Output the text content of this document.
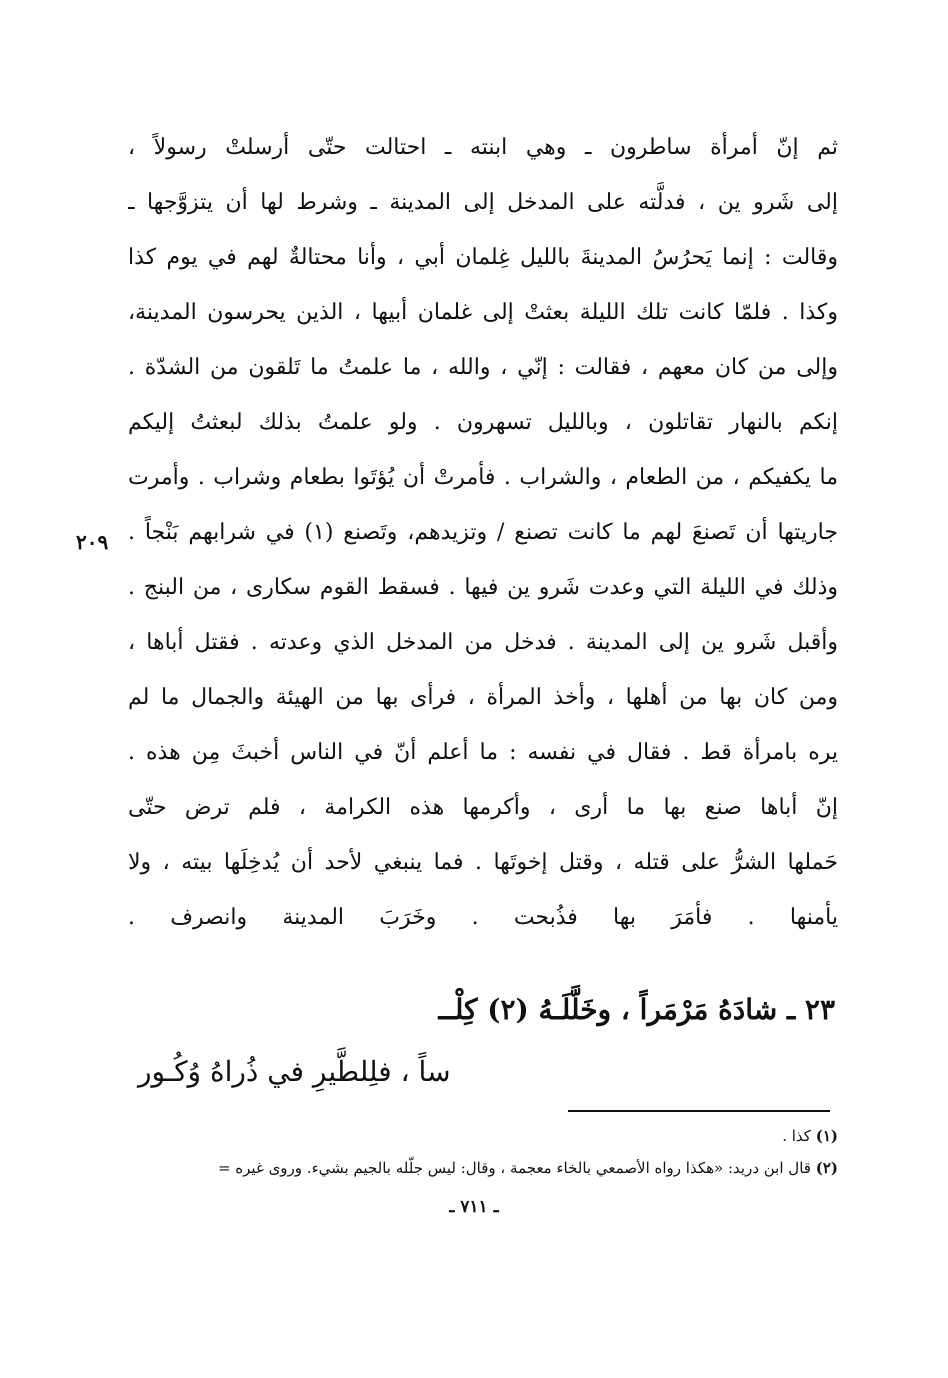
ثم إنّ أمرأة ساطرون ـ وهي ابنته ـ احتالت حتّى أرسلتْ رسولاً ،
إلى شَرو ين ، فدلَّته على المدخل إلى المدينة ـ وشرط لها أن يتزوَّجها ـ
وقالت : إنما يَحرُسُ المدينةَ بالليل غِلمان أبي ، وأنا محتالةٌ لهم في يوم كذا
وكذا . فلمّا كانت تلك الليلة بعثتْ إلى غلمان أبيها ، الذين يحرسون المدينة،
وإلى من كان معهم ، فقالت : إنّي ، والله ، ما علمتُ ما تَلقون من الشدّة .
إنكم بالنهار تقاتلون ، وبالليل تسهرون . ولو علمتُ بذلك لبعثتُ إليكم
ما يكفيكم ، من الطعام ، والشراب . فأمرتْ أن يُؤتَوا بطعام وشراب . وأمرت
جاريتها أن تَصنعَ لهم ما كانت تصنع / وتزيدهم، وتَصنع (١) في شرابهم بَنْجاً .
وذلك في الليلة التي وعدت شَرو ين فيها . فسقط القوم سكارى ، من البنج .
وأقبل شَرو ين إلى المدينة . فدخل من المدخل الذي وعدته . فقتل أباها ،
ومن كان بها من أهلها ، وأخذ المرأة ، فرأى بها من الهيئة والجمال ما لم
يره بامرأة قط . فقال في نفسه : ما أعلم أنّ في الناس أخبثَ مِن هذه .
إنّ أباها صنع بها ما أرى ، وأكرمها هذه الكرامة ، فلم ترض حتّى
حَملها الشرُّ على قتله ، وقتل إخوتَها . فما ينبغي لأحد أن يُدخِلَها بيته ، ولا
يأمنها . فأمَرَ بها فذُبحت . وخَرَبَ المدينة وانصرف .
٢٠٩
٢٣ ـ شادَهُ مَرْمَراً ، وخَلَّلَـهُ (٢) كِلْــ
ساً ، فلِلطَّيرِ في ذُراهُ وُكُـور
(١) كذا .
(٢) قال ابن دريد: «هكذا رواه الأصمعي بالخاء معجمة ، وقال: ليس جلّله بالجيم بشيء. وروى غيره =
ـ ٧١١ ـ
